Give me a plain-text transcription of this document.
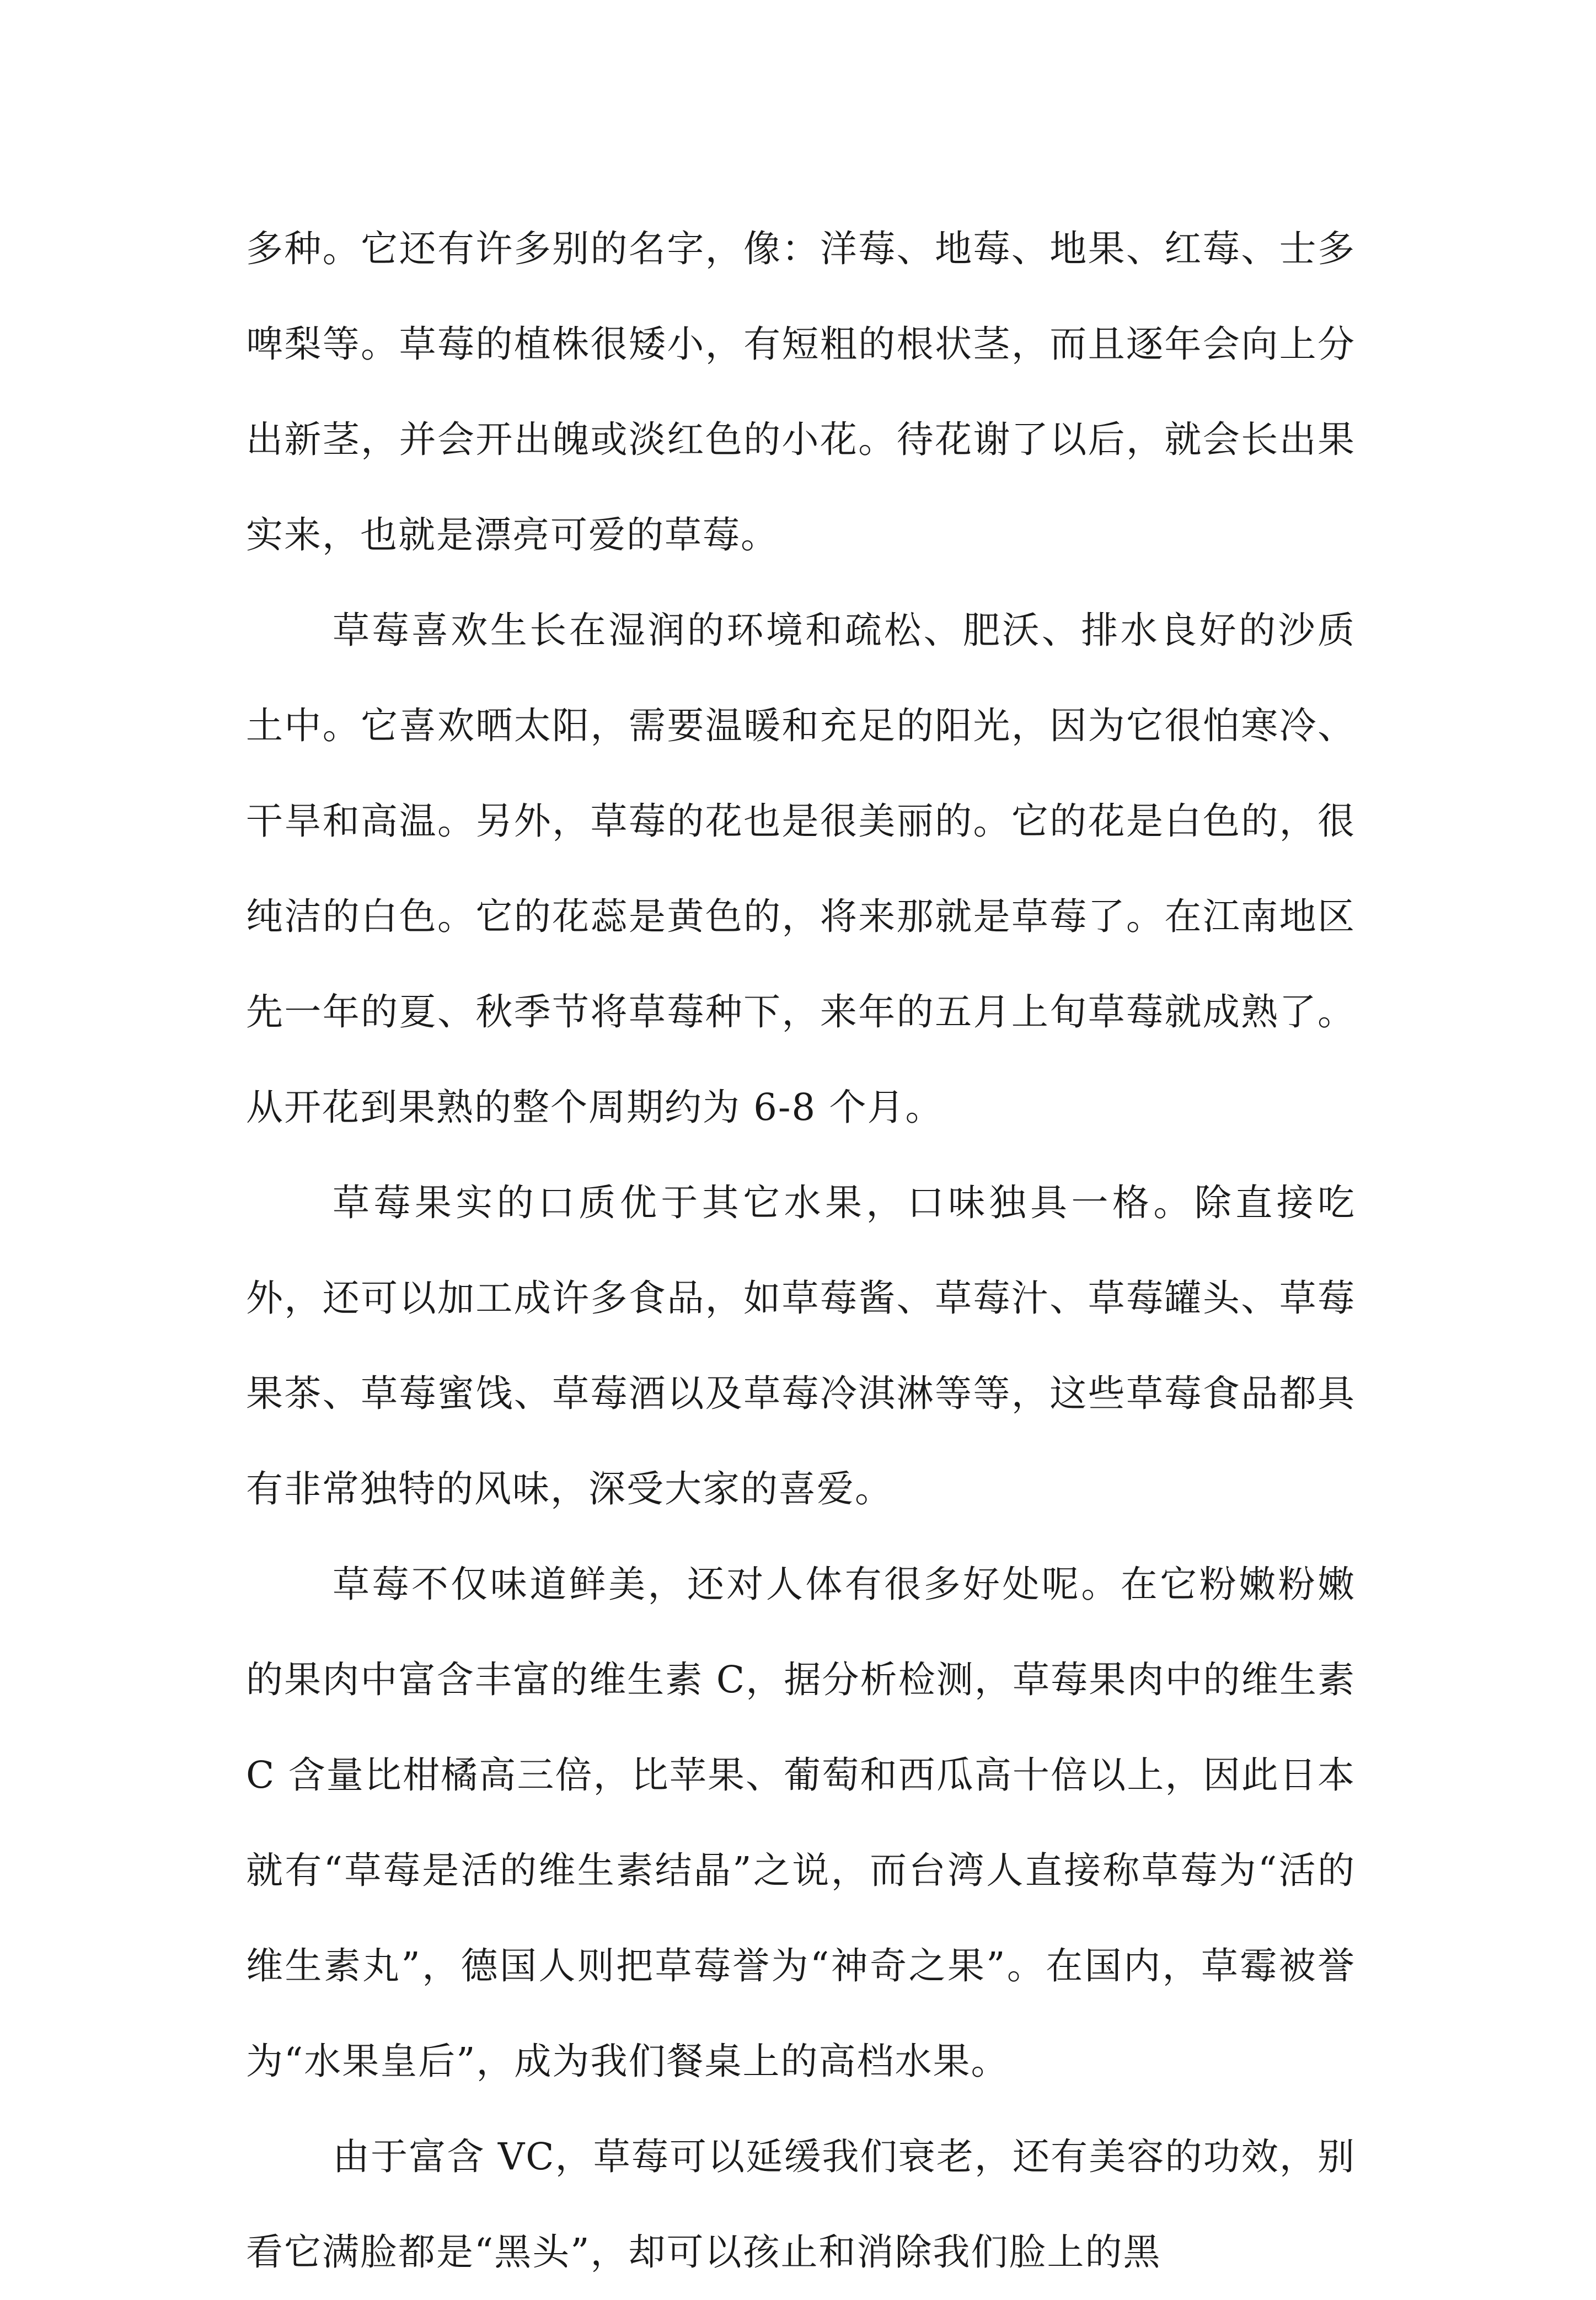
多种。它还有许多别的名字，像：洋莓、地莓、地果、红莓、士多啤梨等。草莓的植株很矮小，有短粗的根状茎，而且逐年会向上分出新茎，并会开出魄或淡红色的小花。待花谢了以后，就会长出果实来，也就是漂亮可爱的草莓。

草莓喜欢生长在湿润的环境和疏松、肥沃、排水良好的沙质土中。它喜欢晒太阳，需要温暖和充足的阳光，因为它很怕寒冷、干旱和高温。另外，草莓的花也是很美丽的。它的花是白色的，很纯洁的白色。它的花蕊是黄色的，将来那就是草莓了。在江南地区先一年的夏、秋季节将草莓种下，来年的五月上旬草莓就成熟了。从开花到果熟的整个周期约为 6-8 个月。

草莓果实的口质优于其它水果，口味独具一格。除直接吃外，还可以加工成许多食品，如草莓酱、草莓汁、草莓罐头、草莓果茶、草莓蜜饯、草莓酒以及草莓冷淇淋等等，这些草莓食品都具有非常独特的风味，深受大家的喜爱。

草莓不仅味道鲜美，还对人体有很多好处呢。在它粉嫩粉嫩的果肉中富含丰富的维生素 C，据分析检测，草莓果肉中的维生素 C 含量比柑橘高三倍，比苹果、葡萄和西瓜高十倍以上，因此日本就有“草莓是活的维生素结晶”之说，而台湾人直接称草莓为“活的维生素丸”，德国人则把草莓誉为“神奇之果”。在国内，草霉被誉为“水果皇后”，成为我们餐桌上的高档水果。

由于富含 VC，草莓可以延缓我们衰老，还有美容的功效，别看它满脸都是“黑头”，却可以孩止和消除我们脸上的黑
